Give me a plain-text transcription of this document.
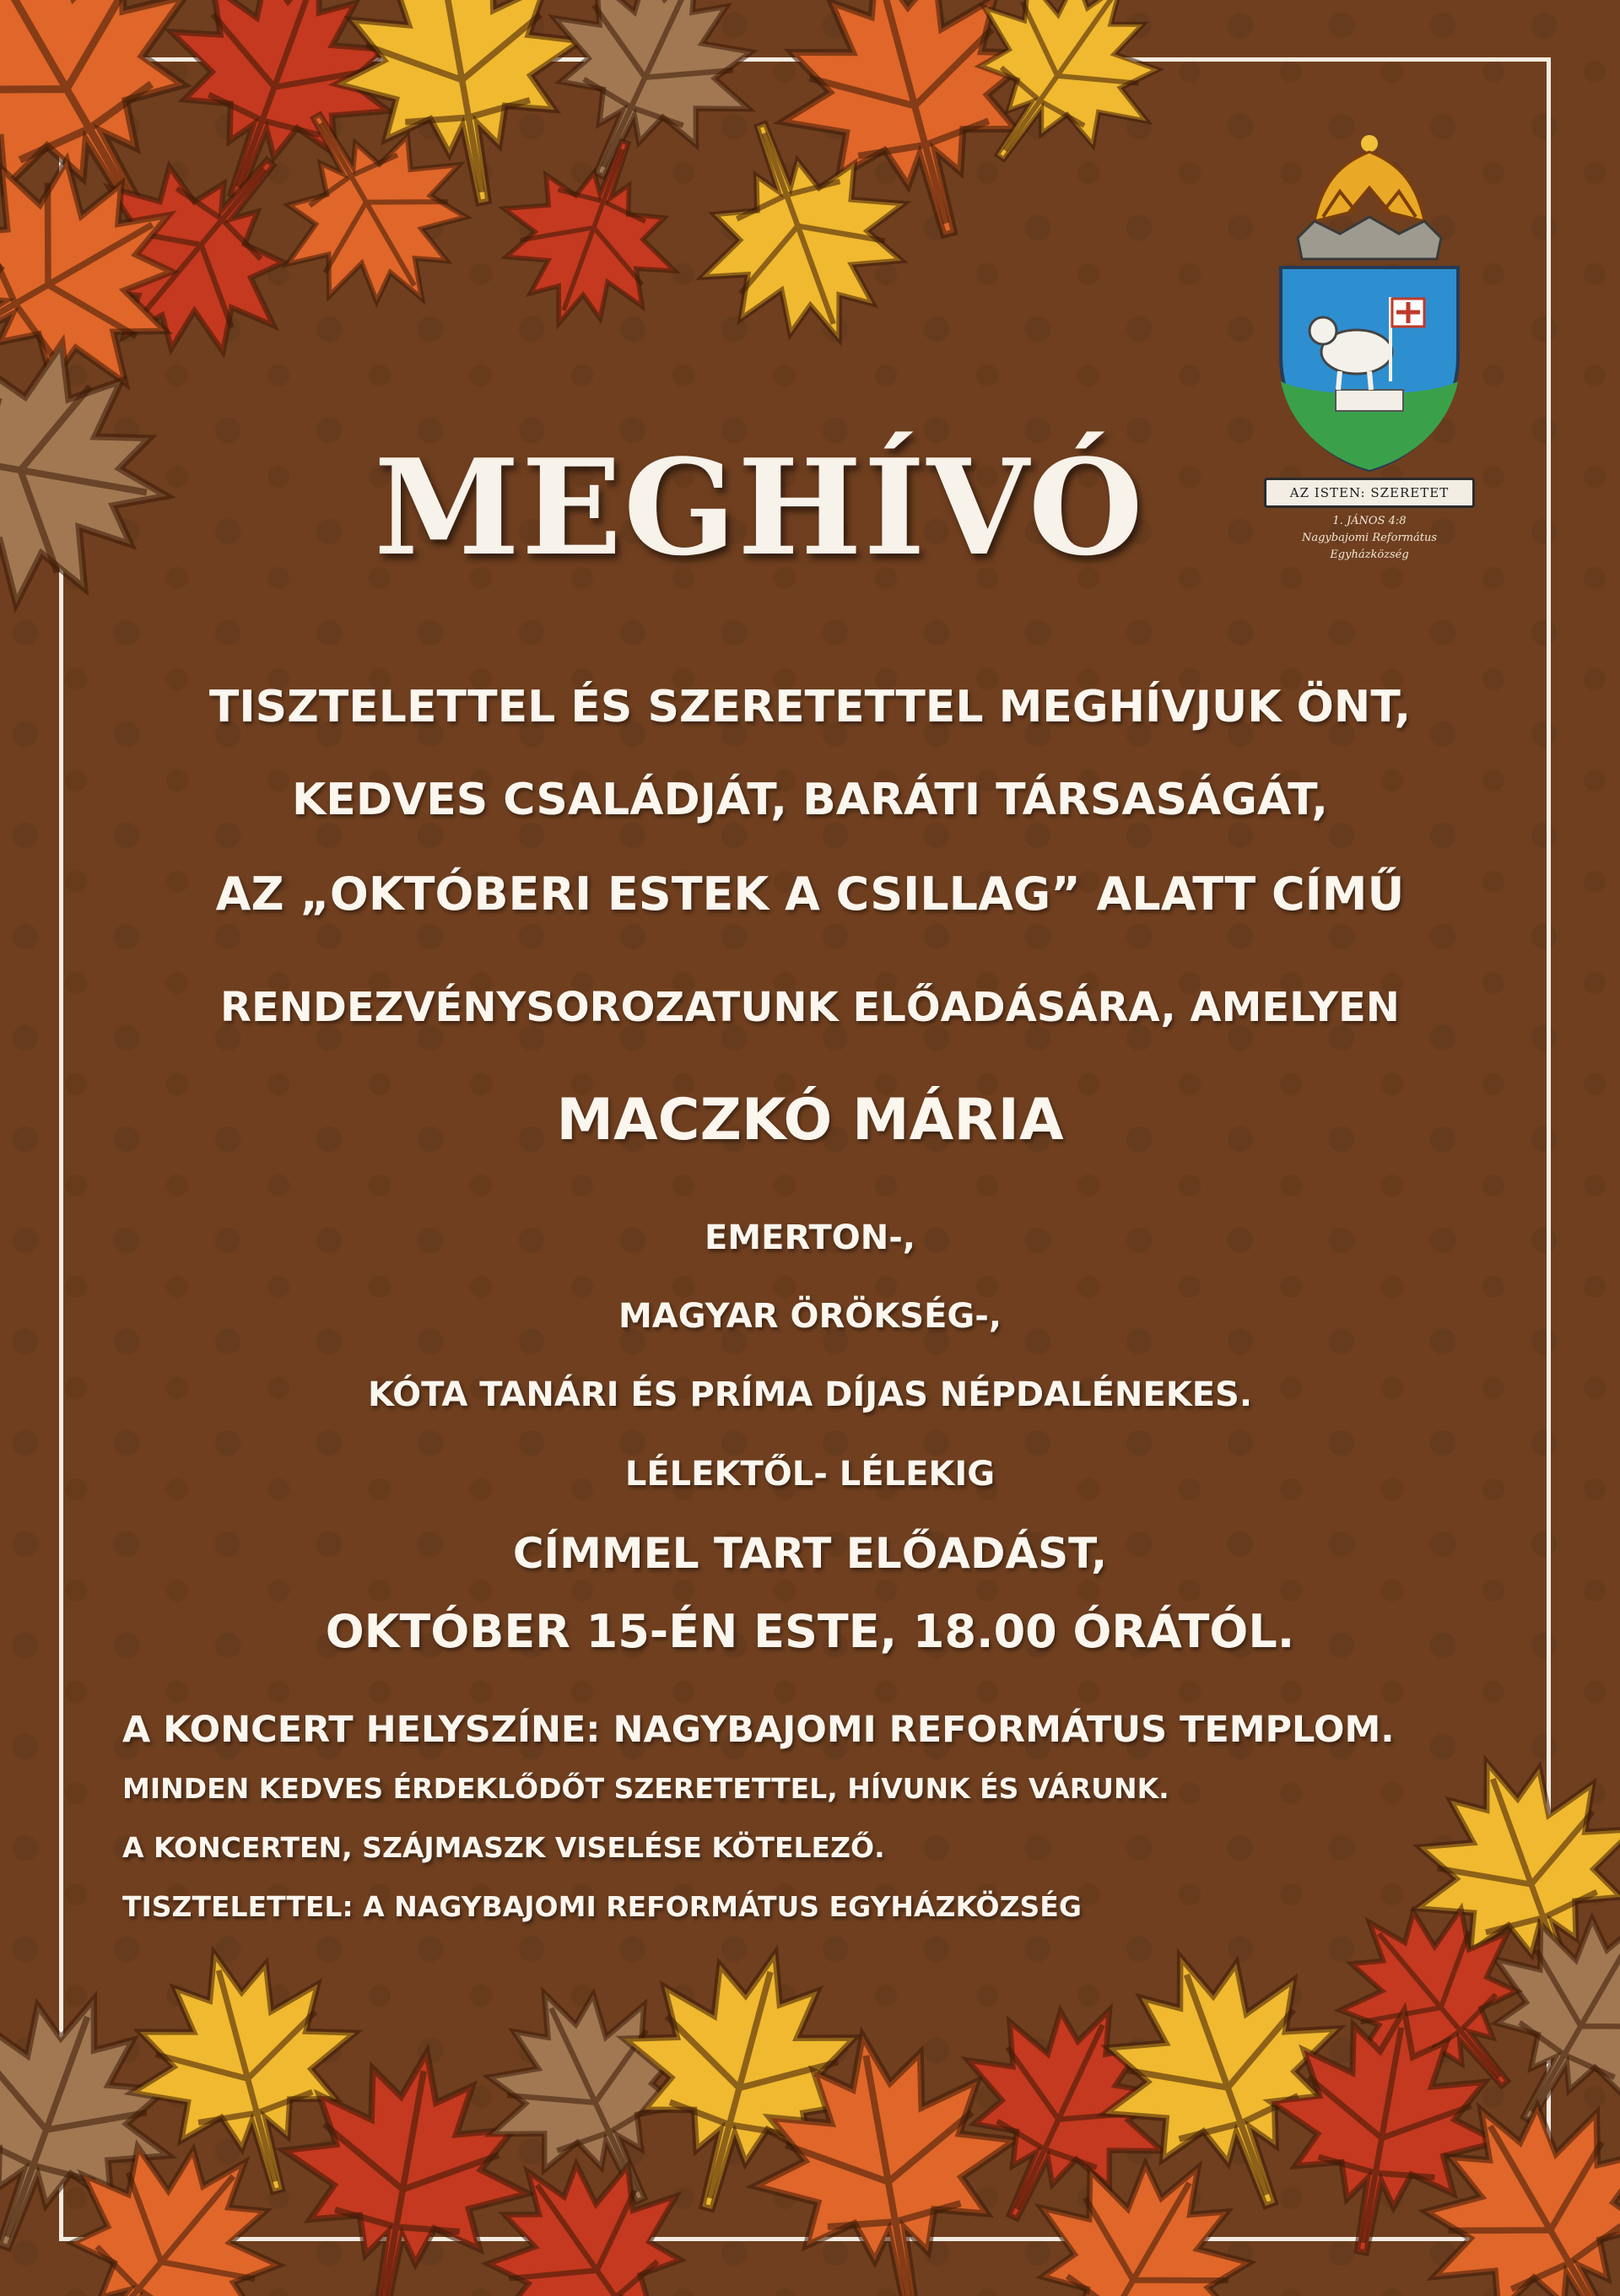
AZ ISTEN: SZERETET
1. JÁNOS 4:8
Nagybajomi Református
Egyházközség
MEGHÍVÓ
TISZTELETTEL ÉS SZERETETTEL MEGHÍVJUK ÖNT,
KEDVES CSALÁDJÁT, BARÁTI TÁRSASÁGÁT,
AZ „OKTÓBERI ESTEK A CSILLAG” ALATT CÍMŰ
RENDEZVÉNYSOROZATUNK ELŐADÁSÁRA, AMELYEN
MACZKÓ MÁRIA
EMERTON-,
MAGYAR ÖRÖKSÉG-,
KÓTA TANÁRI ÉS PRÍMA DÍJAS NÉPDALÉNEKES.
LÉLEKTŐL- LÉLEKIG
CÍMMEL TART ELŐADÁST,
OKTÓBER 15-ÉN ESTE, 18.00 ÓRÁTÓL.
A KONCERT HELYSZÍNE: NAGYBAJOMI REFORMÁTUS TEMPLOM.
MINDEN KEDVES ÉRDEKLŐDŐT SZERETETTEL, HÍVUNK ÉS VÁRUNK.
A KONCERTEN, SZÁJMASZK VISELÉSE KÖTELEZŐ.
TISZTELETTEL: A NAGYBAJOMI REFORMÁTUS EGYHÁZKÖZSÉG
